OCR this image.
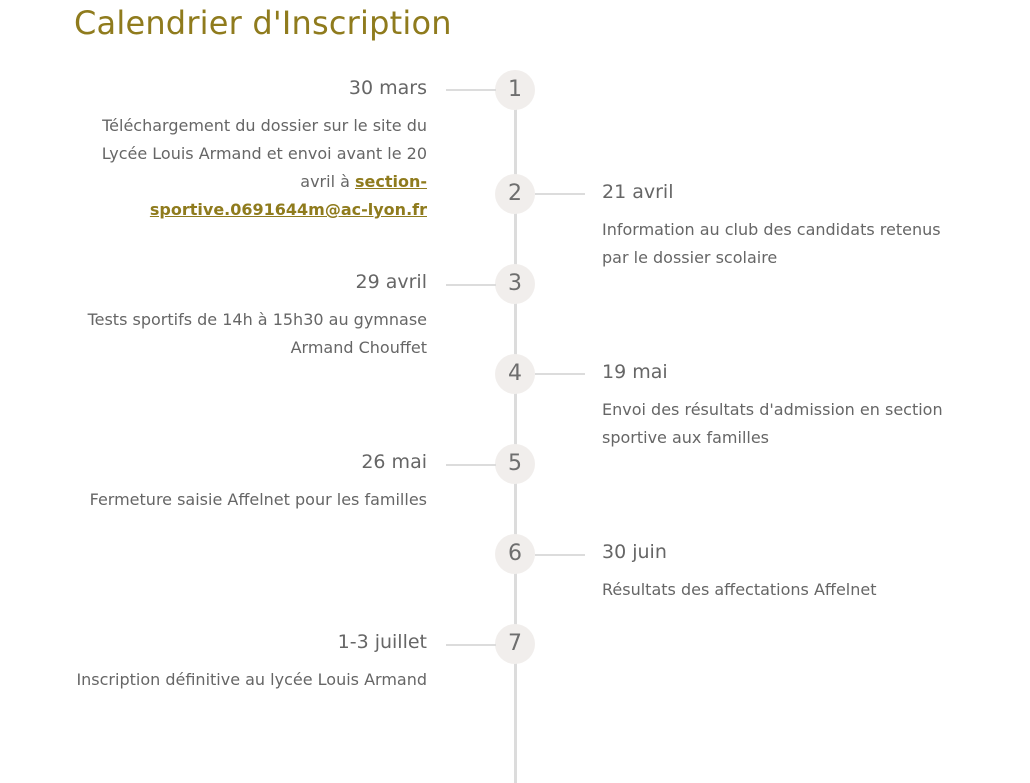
Calendrier d'Inscription
1
30 mars

Téléchargement du dossier sur le site du Lycée Louis Armand et envoi avant le 20 avril à section-sportive.0691644m@ac-lyon.fr

2	21 avril

Information au club des candidats retenus par le dossier scolaire

3
29 avril

Tests sportifs de 14h à 15h30 au gymnase Armand Chouffet

4	19 mai

Envoi des résultats d'admission en section sportive aux familles

5
26 mai

Fermeture saisie Affelnet pour les familles

6	30 juin

Résultats des affectations Affelnet

7
1-3 juillet

Inscription définitive au lycée Louis Armand
